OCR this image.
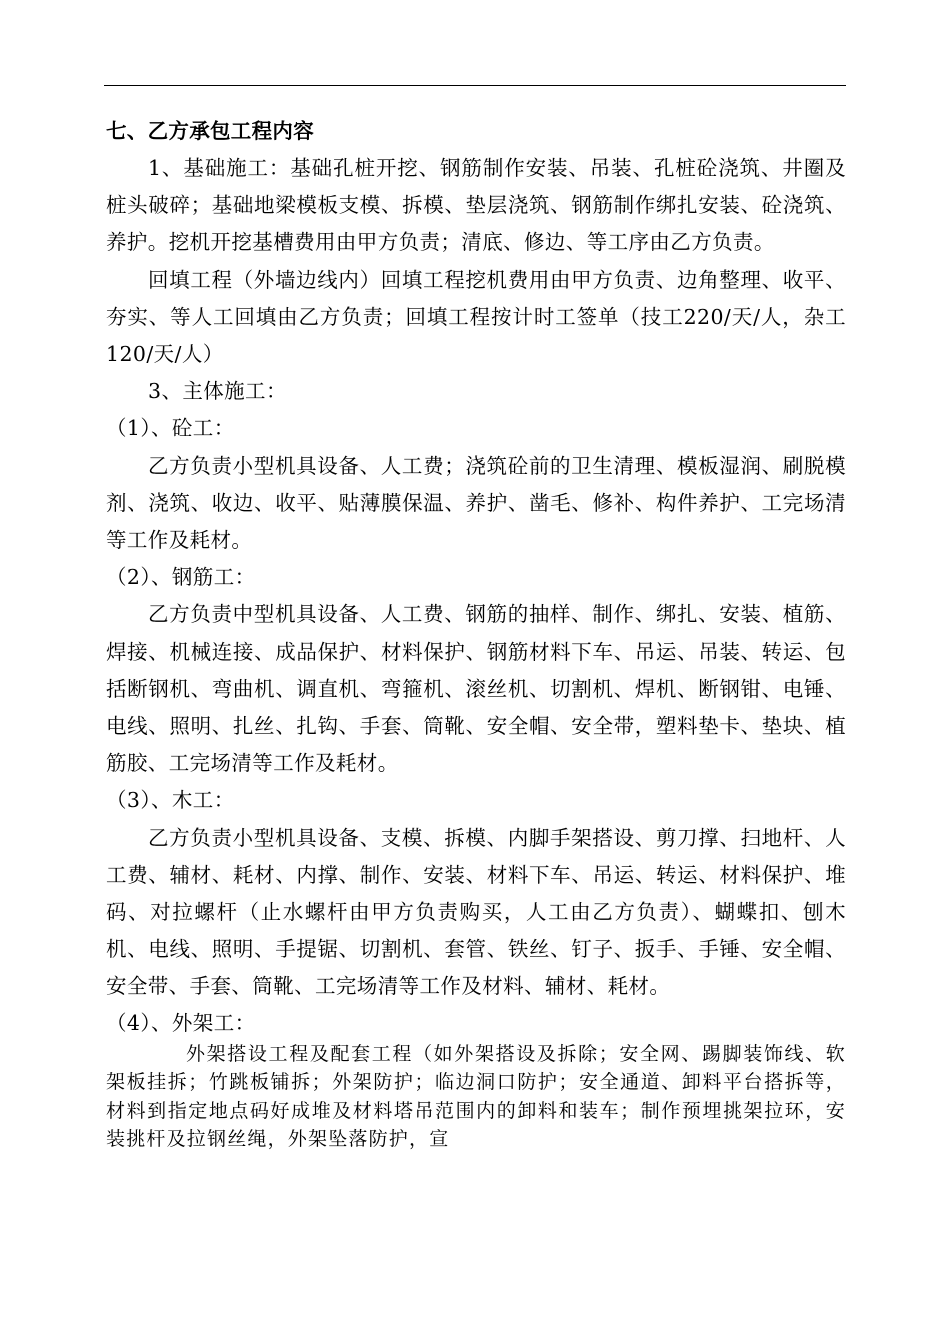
七、乙方承包工程内容

1、基础施工：基础孔桩开挖、钢筋制作安装、吊装、孔桩砼浇筑、井圈及桩头破碎；基础地梁模板支模、拆模、垫层浇筑、钢筋制作绑扎安装、砼浇筑、养护。挖机开挖基槽费用由甲方负责；清底、修边、等工序由乙方负责。

回填工程（外墙边线内）回填工程挖机费用由甲方负责、边角整理、收平、夯实、等人工回填由乙方负责；回填工程按计时工签单（技工220/天/人，杂工120/天/人）

3、主体施工：

（1）、砼工：

乙方负责小型机具设备、人工费；浇筑砼前的卫生清理、模板湿润、刷脱模剂、浇筑、收边、收平、贴薄膜保温、养护、凿毛、修补、构件养护、工完场清等工作及耗材。

（2）、钢筋工：

乙方负责中型机具设备、人工费、钢筋的抽样、制作、绑扎、安装、植筋、焊接、机械连接、成品保护、材料保护、钢筋材料下车、吊运、吊装、转运、包括断钢机、弯曲机、调直机、弯箍机、滚丝机、切割机、焊机、断钢钳、电锤、电线、照明、扎丝、扎钩、手套、筒靴、安全帽、安全带，塑料垫卡、垫块、植筋胶、工完场清等工作及耗材。

（3）、木工：

乙方负责小型机具设备、支模、拆模、内脚手架搭设、剪刀撑、扫地杆、人工费、辅材、耗材、内撑、制作、安装、材料下车、吊运、转运、材料保护、堆码、对拉螺杆（止水螺杆由甲方负责购买，人工由乙方负责）、蝴蝶扣、刨木机、电线、照明、手提锯、切割机、套管、铁丝、钉子、扳手、手锤、安全帽、安全带、手套、筒靴、工完场清等工作及材料、辅材、耗材。

（4）、外架工：

外架搭设工程及配套工程（如外架搭设及拆除；安全网、踢脚装饰线、软架板挂拆；竹跳板铺拆；外架防护；临边洞口防护；安全通道、卸料平台搭拆等，材料到指定地点码好成堆及材料塔吊范围内的卸料和装车；制作预埋挑架拉环，安装挑杆及拉钢丝绳，外架坠落防护，宣
